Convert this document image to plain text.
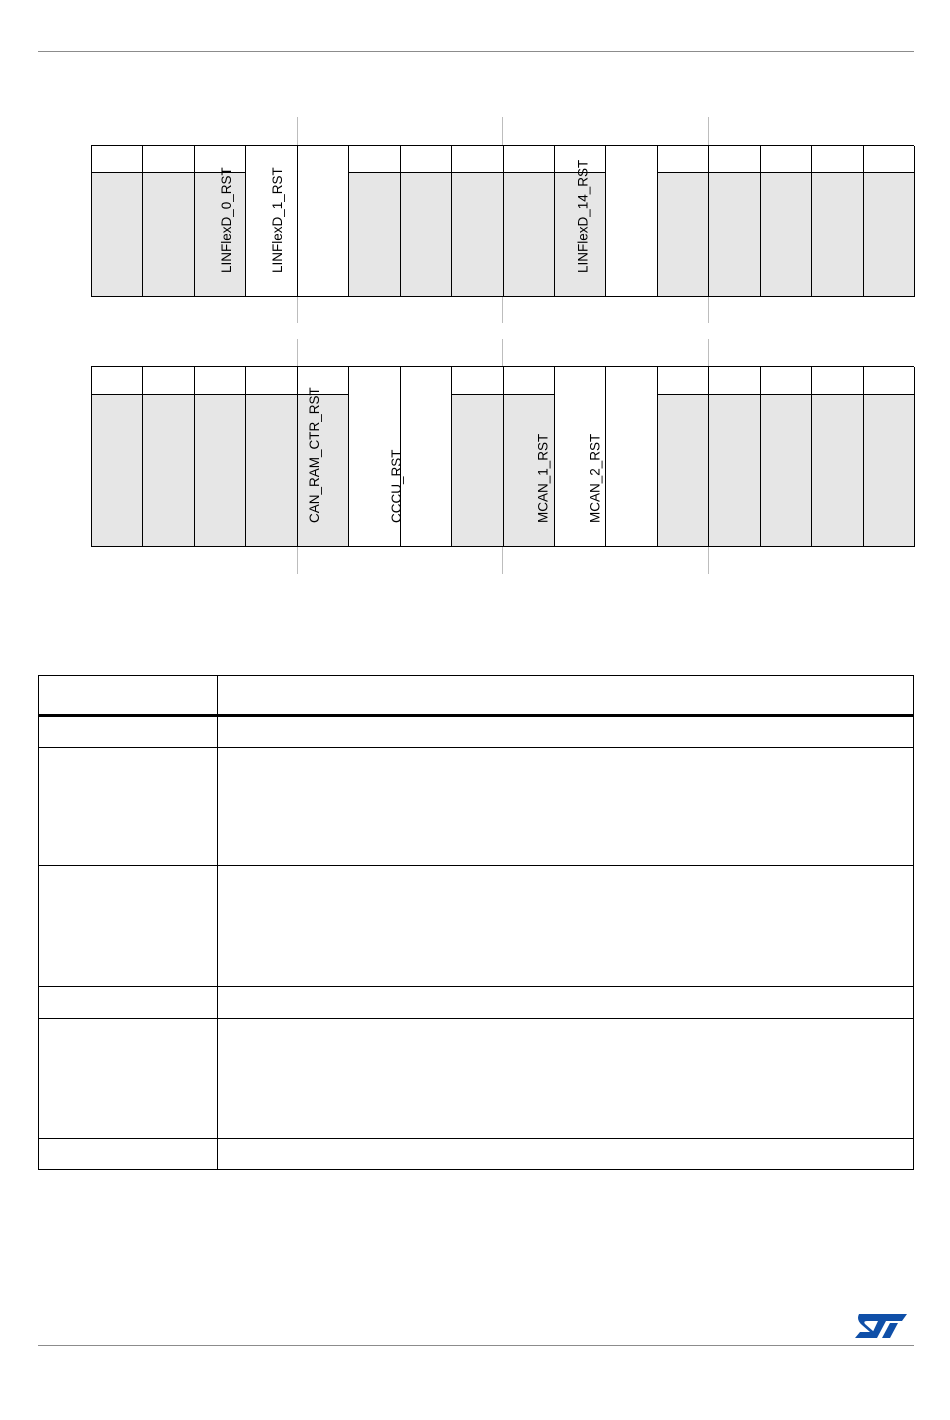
LINFlexD_0_RST	LINFlexD_1_RST	LINFlexD_14_RST
CAN_RAM_CTR_RST	CCCU_RST	MCAN_1_RST	MCAN_2_RST
